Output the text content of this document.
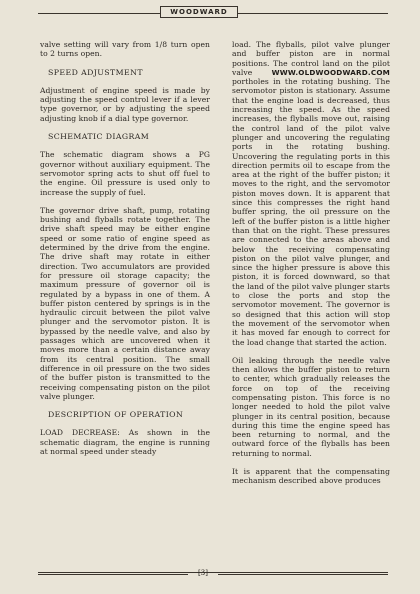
WOODWARD

valve setting will vary from 1/8 turn open to 2 turns open.

SPEED ADJUSTMENT

Adjustment of engine speed is made by adjusting the speed control lever if a lever type governor, or by adjusting the speed adjusting knob if a dial type governor.

SCHEMATIC DIAGRAM

The schematic diagram shows a PG governor without auxiliary equipment. The servomotor spring acts to shut off fuel to the engine. Oil pressure is used only to increase the supply of fuel.

The governor drive shaft, pump, rotating bushing and flyballs rotate together. The drive shaft speed may be either engine speed or some ratio of engine speed as determined by the drive from the engine. The drive shaft may rotate in either direction. Two accumulators are provided for pressure oil storage capacity; the maximum pressure of governor oil is regulated by a bypass in one of them. A buffer piston centered by springs is in the hydraulic circuit between the pilot valve plunger and the servomotor piston. It is bypassed by the needle valve, and also by passages which are uncovered when it moves more than a certain distance away from its central position. The small difference in oil pressure on the two sides of the buffer piston is transmitted to the receiving compensating piston on the pilot valve plunger.

DESCRIPTION OF OPERATION

LOAD DECREASE: As shown in the schematic diagram, the engine is running at normal speed under steady

load. The flyballs, pilot valve plunger and buffer piston are in normal positions. The control land on the pilot valve	WWW.OLDWOODWARD.COM portholes in the rotating bushing. The servomotor piston is stationary. Assume that the engine load is decreased, thus increasing the speed. As the speed increases, the flyballs move out, raising the control land of the pilot valve plunger and uncovering the regulating ports in the rotating bushing. Uncovering the regulating ports in this direction permits oil to escape from the area at the right of the buffer piston; it moves to the right, and the servomotor piston moves down. It is apparent that since this compresses the right hand buffer spring, the oil pressure on the left of the buffer piston is a little higher than that on the right. These pressures are connected to the areas above and below the receiving compensating piston on the pilot valve plunger, and since the higher pressure is above this piston, it is forced downward, so that the land of the pilot valve plunger starts to close the ports and stop the servomotor movement. The governor is so designed that this action will stop the movement of the servomotor when it has moved far enough to correct for the load change that started the action.

Oil leaking through the needle valve then allows the buffer piston to return to center, which gradually releases the force on top of the receiving compensating piston. This force is no longer needed to hold the pilot valve plunger in its central position, because during this time the engine speed has been returning to normal, and the outward force of the flyballs has been returning to normal.

It is apparent that the compensating mechanism described above produces

[3]
